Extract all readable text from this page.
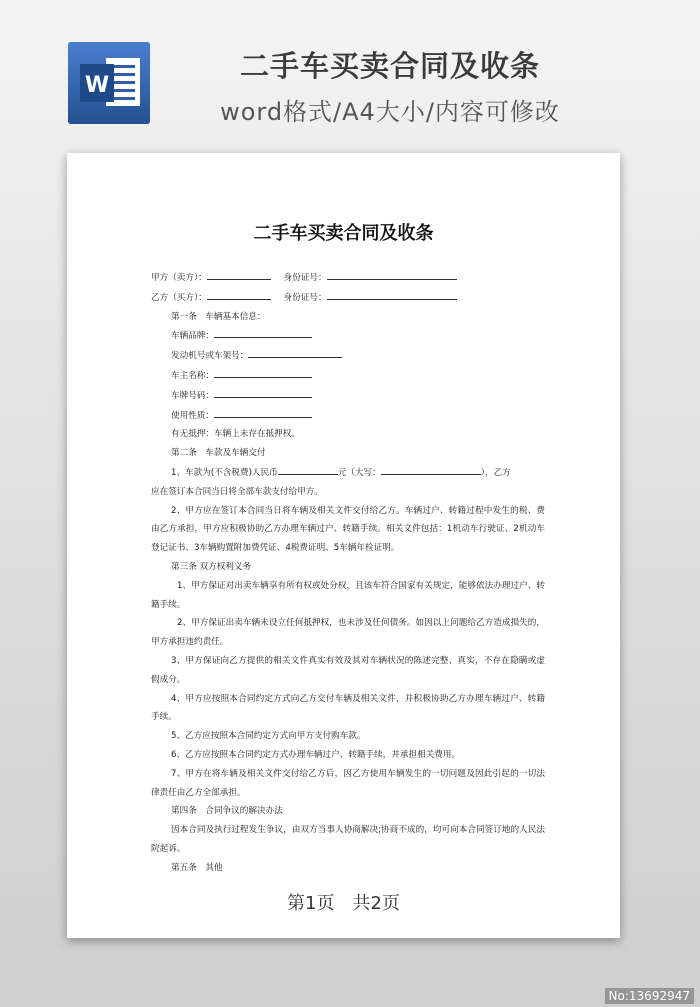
W
二手车买卖合同及收条
word格式/A4大小/内容可修改
二手车买卖合同及收条

甲方（卖方）：	身份证号：

乙方（买方）：	身份证号：

第一条　车辆基本信息：

车辆品牌：

发动机号或车架号：

车主名称：

车牌号码：

使用性质：

有无抵押：车辆上未存在抵押权。

第二条　车款及车辆交付

1、车款为(不含税费)人民币	元（大写：	），乙方

应在签订本合同当日将全部车款支付给甲方。

2、甲方应在签订本合同当日将车辆及相关文件交付给乙方。车辆过户、转籍过程中发生的税、费由乙方承担，甲方应积极协助乙方办理车辆过户、转籍手续。相关文件包括：1机动车行驶证、2机动车登记证书、3车辆购置附加费凭证、4税费证明、5车辆年检证明。

第三条 双方权利义务

1、甲方保证对出卖车辆享有所有权或处分权，且该车符合国家有关规定，能够依法办理过户、转籍手续。

2、甲方保证出卖车辆未设立任何抵押权，也未涉及任何债务。如因以上问题给乙方造成损失的，甲方承担违约责任。

3、甲方保证向乙方提供的相关文件真实有效及其对车辆状况的陈述完整、真实，不存在隐瞒或虚假成分。

4、甲方应按照本合同约定方式向乙方交付车辆及相关文件，并积极协助乙方办理车辆过户、转籍手续。

5、乙方应按照本合同约定方式向甲方支付购车款。

6、乙方应按照本合同约定方式办理车辆过户、转籍手续，并承担相关费用。

7、甲方在将车辆及相关文件交付给乙方后，因乙方使用车辆发生的一切问题及因此引起的一切法律责任由乙方全部承担。

第四条　合同争议的解决办法

因本合同及执行过程发生争议，由双方当事人协商解决;协商不成的，均可向本合同签订地的人民法院起诉。

第五条　其他

第1页　共2页
No:13692947
